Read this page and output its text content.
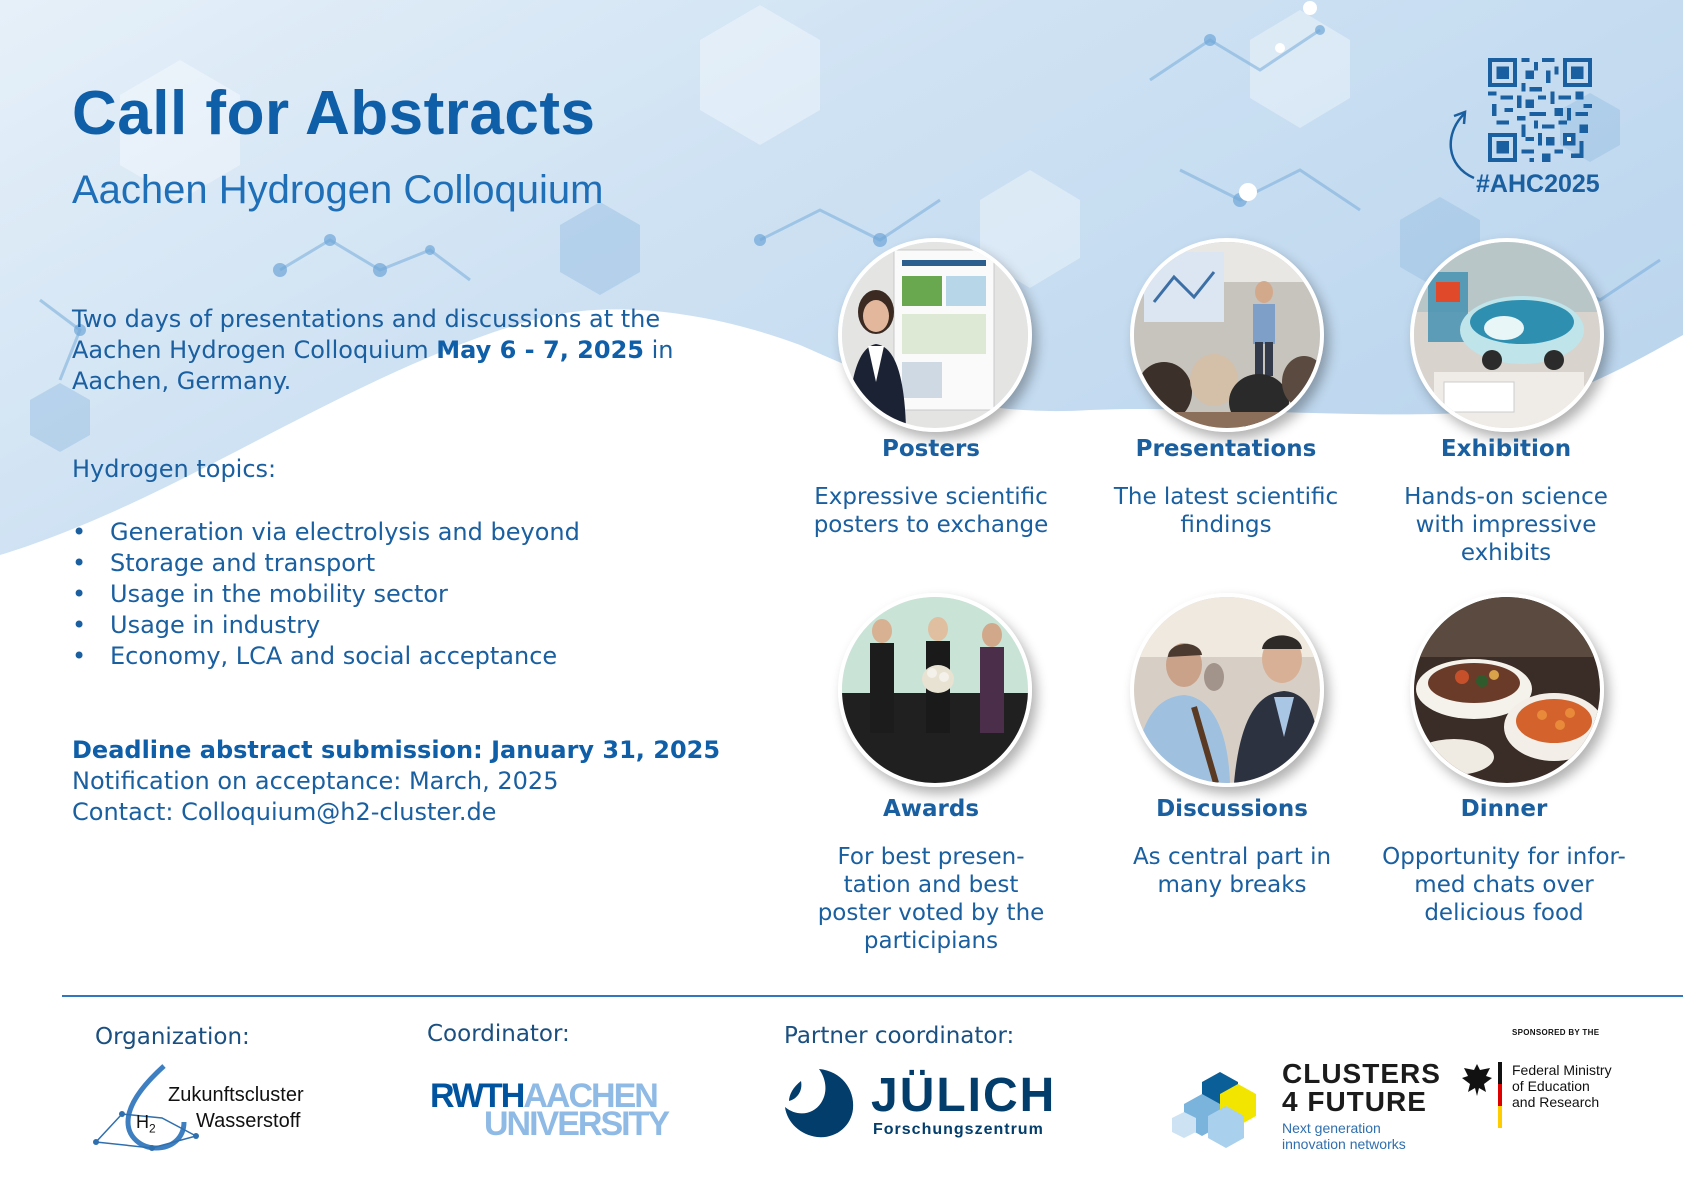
Call for Abstracts
Aachen Hydrogen Colloquium	#AHC2025
Two days of presentations and discussions at the Aachen Hydrogen Colloquium May 6 - 7, 2025 in Aachen, Germany.
Hydrogen topics:
• Generation via electrolysis and beyond
• Storage and transport
• Usage in the mobility sector
• Usage in industry
• Economy, LCA and social acceptance
Deadline abstract submission: January 31, 2025
Notification on acceptance: March, 2025
Contact: Colloquium@h2-cluster.de
Posters
Expressive scientific posters to exchange
Presentations
The latest scientific findings
Exhibition
Hands-on science with impressive exhibits
Awards
For best presen-tation and best poster voted by the participians
Discussions
As central part in many breaks
Dinner
Opportunity for infor-med chats over delicious food
Organization:	Coordinator:	Partner coordinator:
$H_2$
Zukunftscluster
Wasserstoff
RWTHAACHEN
UNIVERSITY
JÜLICH
Forschungszentrum
CLUSTERS
4 FUTURE
Next generation
innovation networks
SPONSORED BY THE
Federal Ministry
of Education
and Research
